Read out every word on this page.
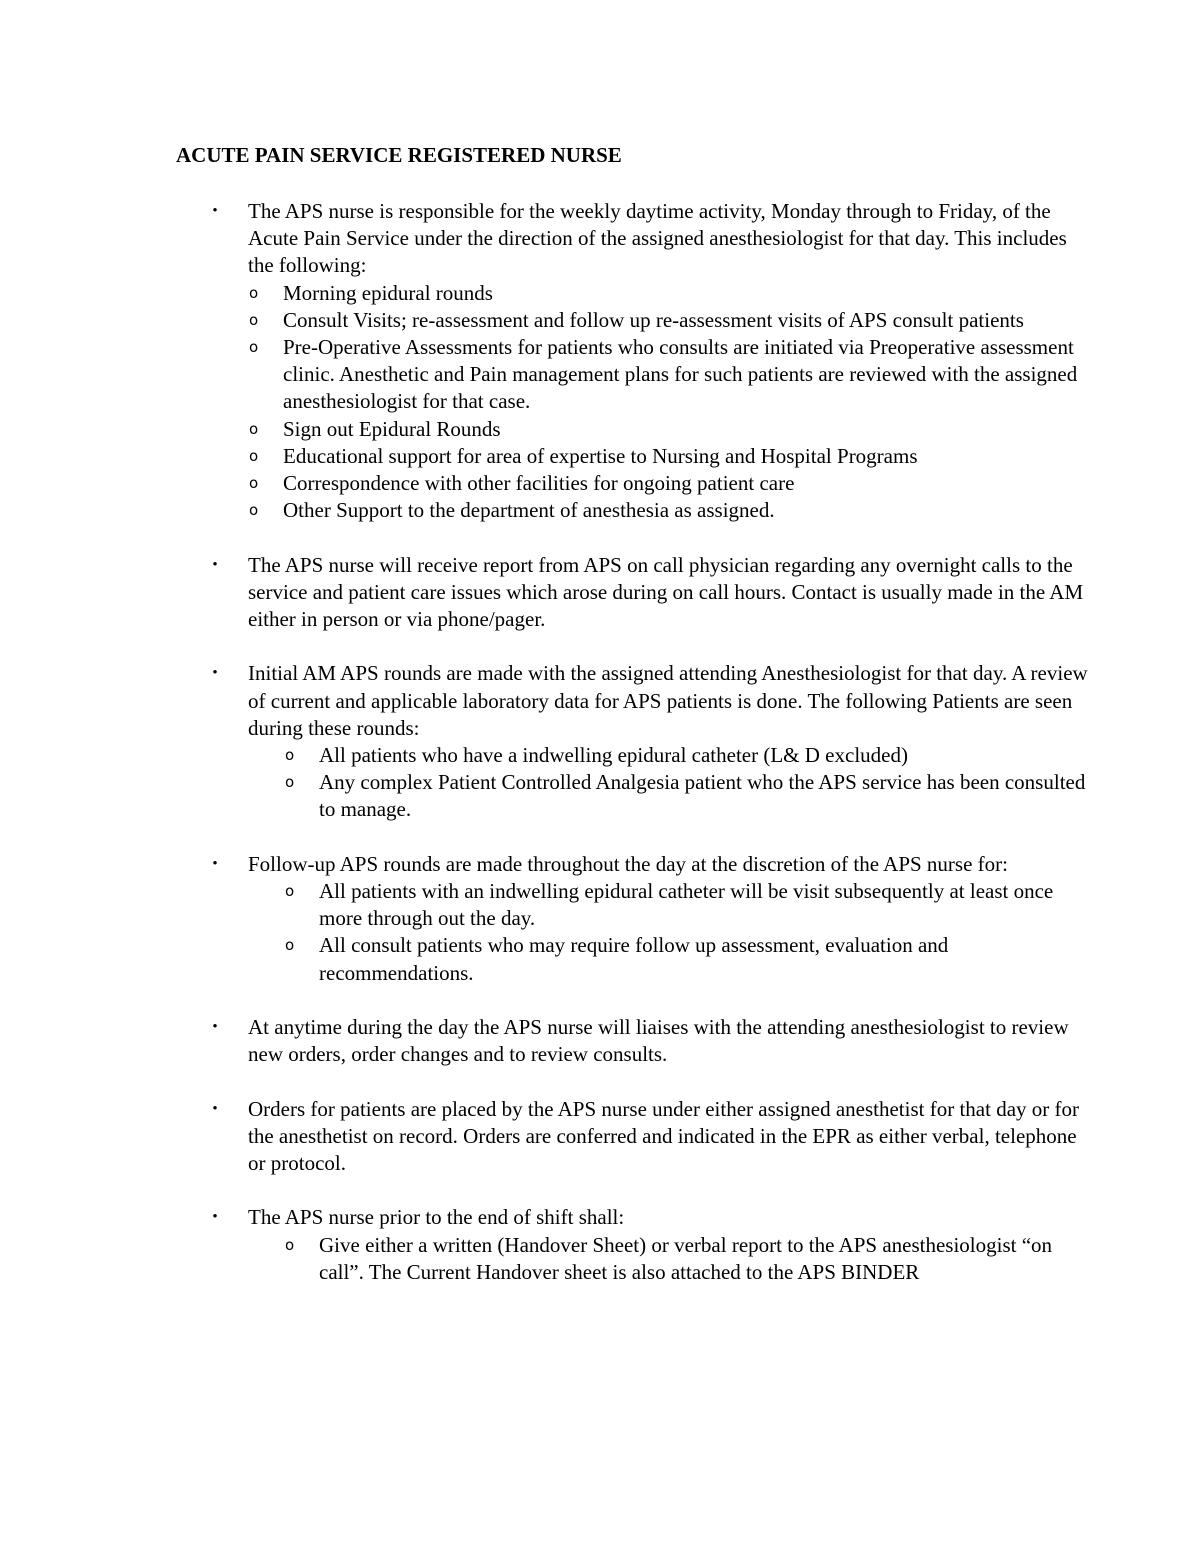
ACUTE PAIN SERVICE REGISTERED NURSE
• The APS nurse is responsible for the weekly daytime activity, Monday through to Friday, of the Acute Pain Service under the direction of the assigned anesthesiologist for that day. This includes the following:
o Morning epidural rounds
o Consult Visits; re-assessment and follow up re-assessment visits of APS consult patients
o Pre-Operative Assessments for patients who consults are initiated via Preoperative assessment clinic. Anesthetic and Pain management plans for such patients are reviewed with the assigned anesthesiologist for that case.
o Sign out Epidural Rounds
o Educational support for area of expertise to Nursing and Hospital Programs
o Correspondence with other facilities for ongoing patient care
o Other Support to the department of anesthesia as assigned.
• The APS nurse will receive report from APS on call physician regarding any overnight calls to the service and patient care issues which arose during on call hours. Contact is usually made in the AM either in person or via phone/pager.
• Initial AM APS rounds are made with the assigned attending Anesthesiologist for that day. A review of current and applicable laboratory data for APS patients is done. The following Patients are seen during these rounds:
o All patients who have a indwelling epidural catheter (L& D excluded)
o Any complex Patient Controlled Analgesia patient who the APS service has been consulted to manage.
• Follow-up APS rounds are made throughout the day at the discretion of the APS nurse for:
o All patients with an indwelling epidural catheter will be visit subsequently at least once more through out the day.
o All consult patients who may require follow up assessment, evaluation and recommendations.
• At anytime during the day the APS nurse will liaises with the attending anesthesiologist to review new orders, order changes and to review consults.
• Orders for patients are placed by the APS nurse under either assigned anesthetist for that day or for the anesthetist on record. Orders are conferred and indicated in the EPR as either verbal, telephone or protocol.
• The APS nurse prior to the end of shift shall:
o Give either a written (Handover Sheet) or verbal report to the APS anesthesiologist “on call”. The Current Handover sheet is also attached to the APS BINDER
